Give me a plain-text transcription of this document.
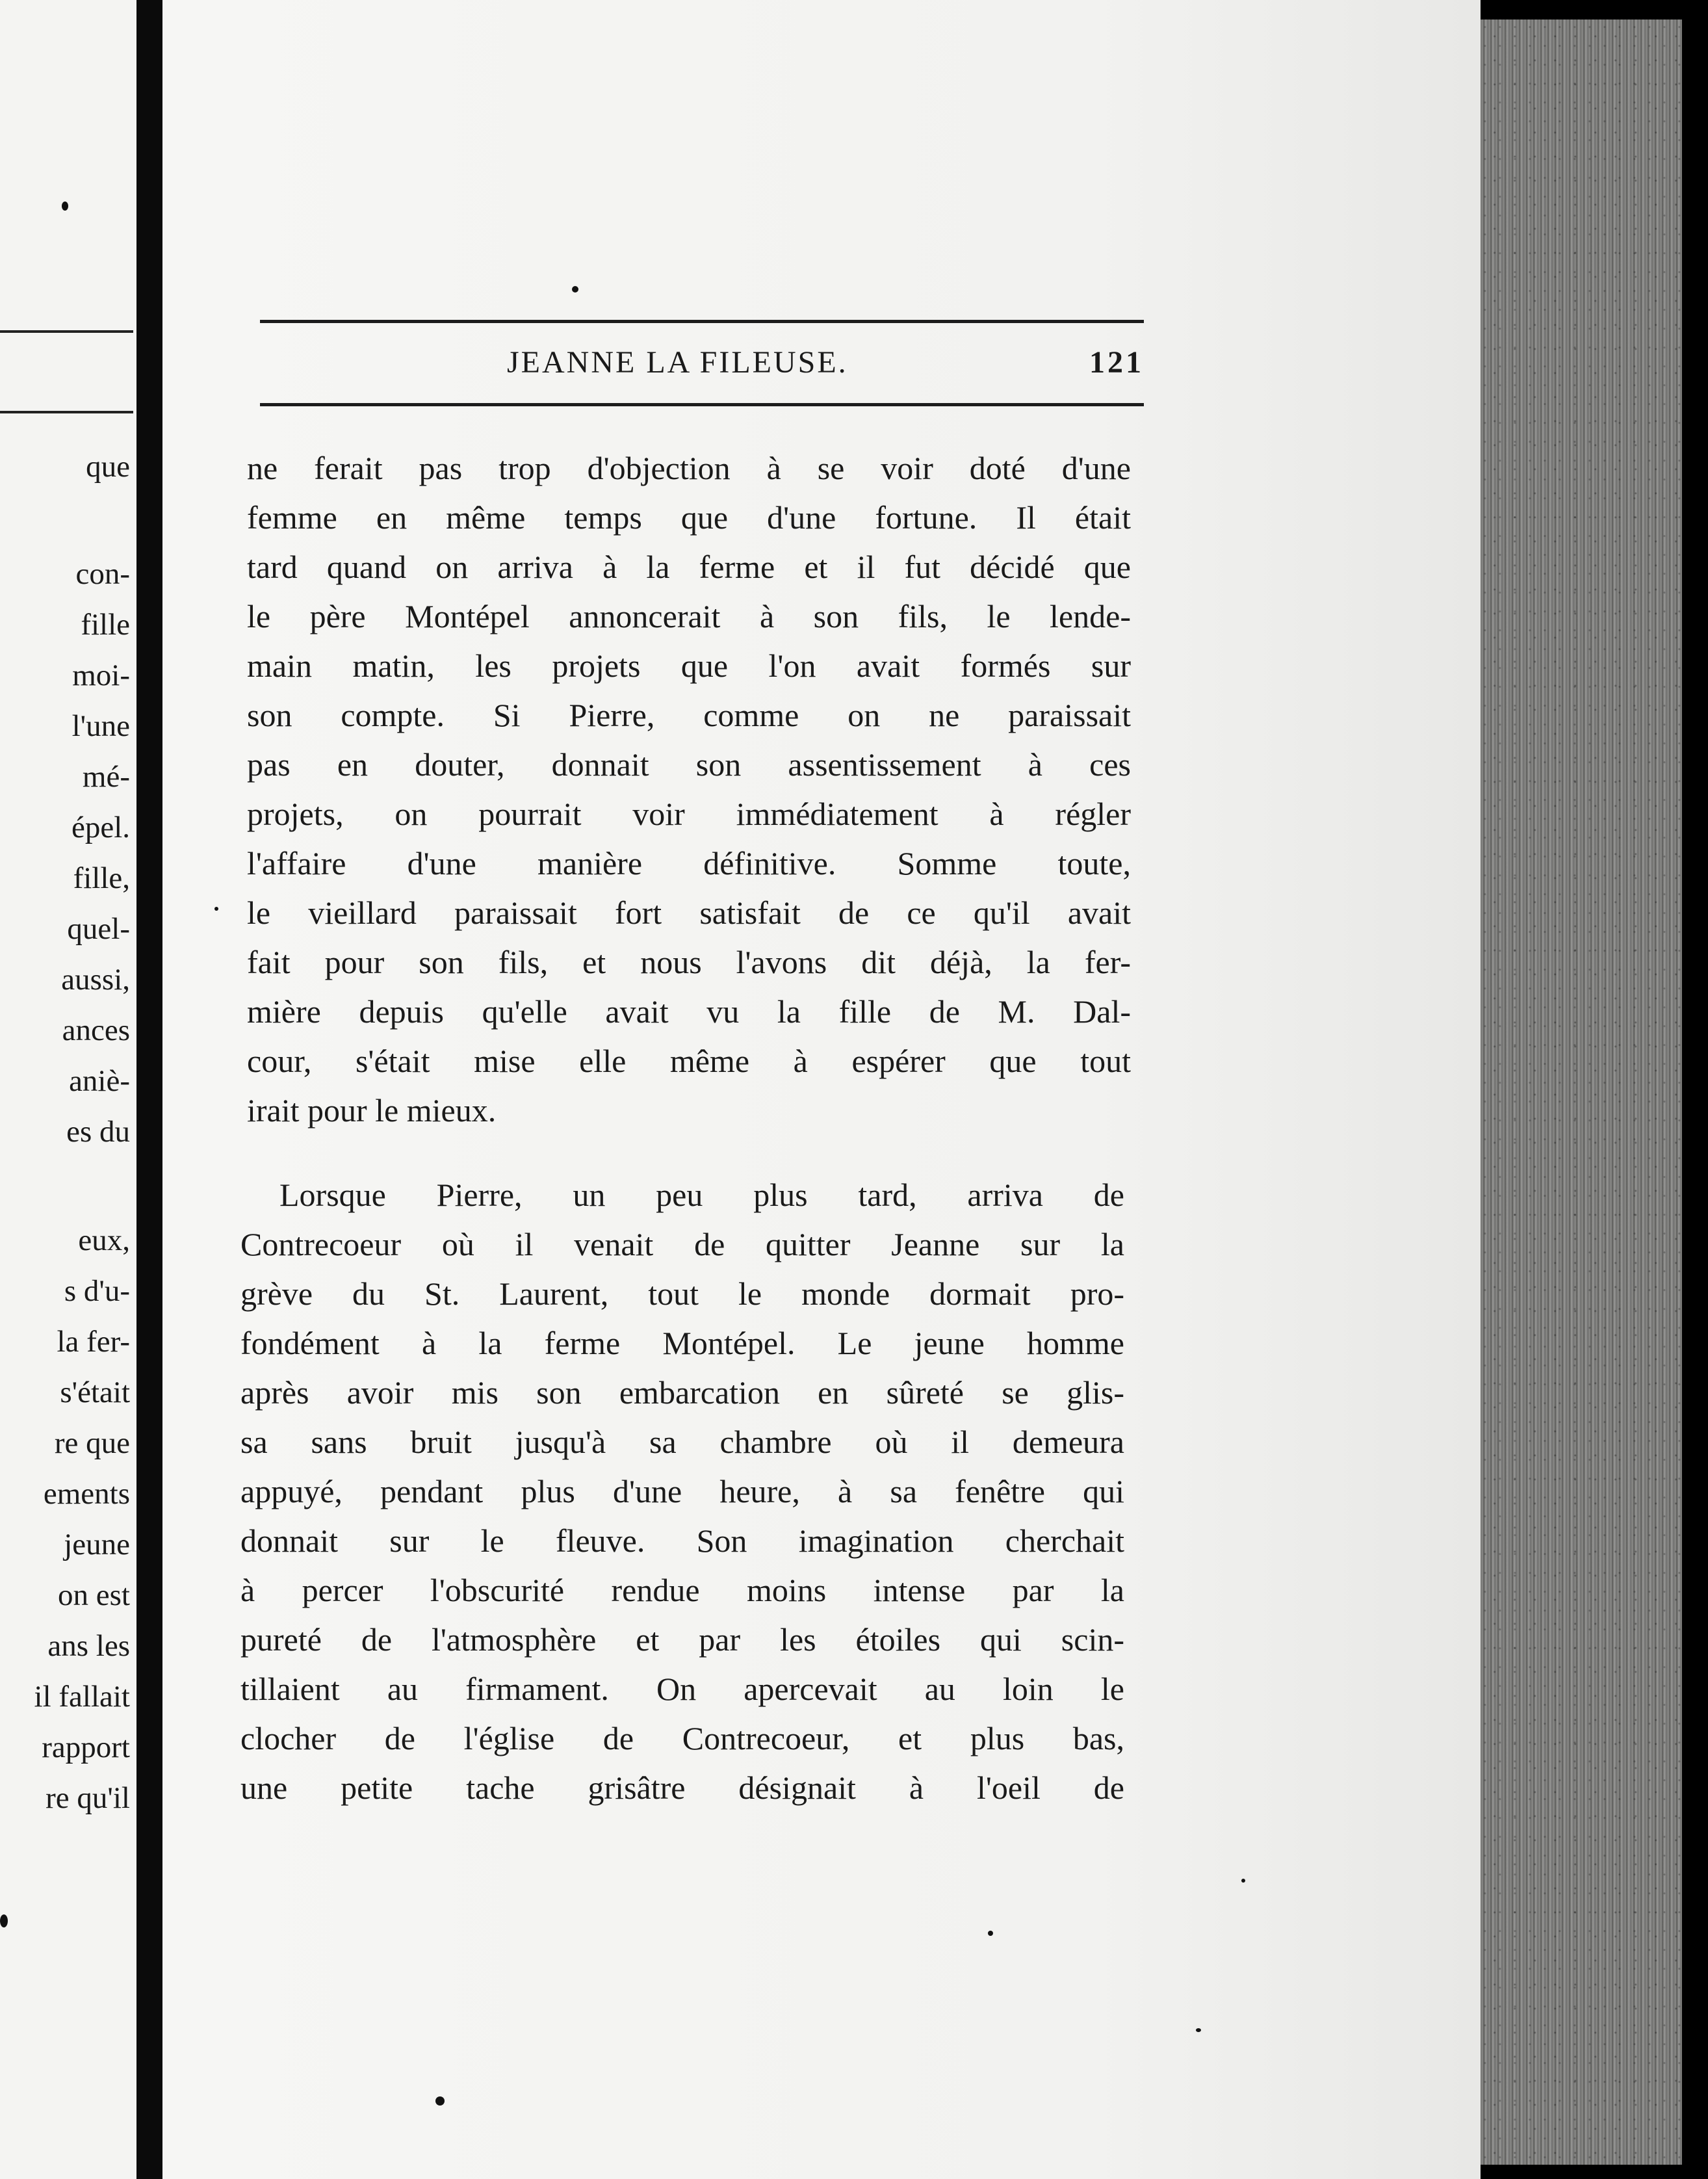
que
con-
fille
moi-
l'une
mé-
épel.
fille,
quel-
aussi,
ances
aniè-
es du
eux,
s d'u-
la fer-
s'était
re que
ements
jeune
on est
ans les
il fallait
rapport
re qu'il
JEANNE LA FILEUSE.	121
ne ferait pas trop d'objection à se voir doté d'une
femme en même temps que d'une fortune. Il était
tard quand on arriva à la ferme et il fut décidé que
le père Montépel annoncerait à son fils, le lende-
main matin, les projets que l'on avait formés sur
son compte. Si Pierre, comme on ne paraissait
pas en douter, donnait son assentissement à ces
projets, on pourrait voir immédiatement à régler
l'affaire d'une manière définitive. Somme toute,
le vieillard paraissait fort satisfait de ce qu'il avait
fait pour son fils, et nous l'avons dit déjà, la fer-
mière depuis qu'elle avait vu la fille de M. Dal-
cour, s'était mise elle même à espérer que tout
irait pour le mieux.
Lorsque Pierre, un peu plus tard, arriva de
Contrecoeur où il venait de quitter Jeanne sur la
grève du St. Laurent, tout le monde dormait pro-
fondément à la ferme Montépel. Le jeune homme
après avoir mis son embarcation en sûreté se glis-
sa sans bruit jusqu'à sa chambre où il demeura
appuyé, pendant plus d'une heure, à sa fenêtre qui
donnait sur le fleuve. Son imagination cherchait
à percer l'obscurité rendue moins intense par la
pureté de l'atmosphère et par les étoiles qui scin-
tillaient au firmament. On apercevait au loin le
clocher de l'église de Contrecoeur, et plus bas,
une petite tache grisâtre désignait à l'oeil de
